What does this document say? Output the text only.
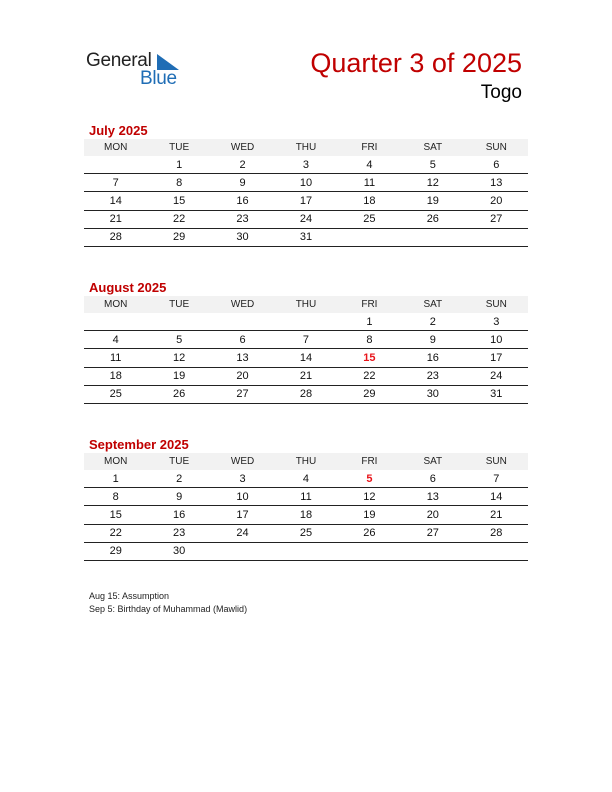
General
Blue
Quarter 3 of 2025
Togo
July 2025
MON	TUE	WED	THU	FRI	SAT	SUN
	1	2	3	4	5	6
7	8	9	10	11	12	13
14	15	16	17	18	19	20
21	22	23	24	25	26	27
28	29	30	31			
August 2025
MON	TUE	WED	THU	FRI	SAT	SUN
				1	2	3
4	5	6	7	8	9	10
11	12	13	14	15	16	17
18	19	20	21	22	23	24
25	26	27	28	29	30	31
September 2025
MON	TUE	WED	THU	FRI	SAT	SUN
1	2	3	4	5	6	7
8	9	10	11	12	13	14
15	16	17	18	19	20	21
22	23	24	25	26	27	28
29	30					
Aug 15: Assumption
Sep 5: Birthday of Muhammad (Mawlid)
